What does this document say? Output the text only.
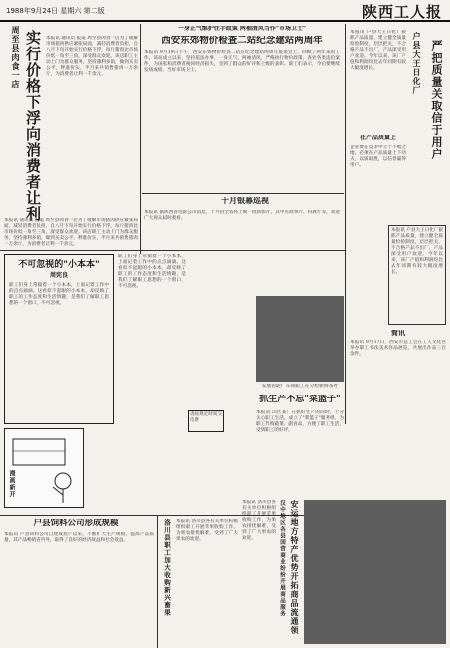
1988年9月24日 星期六 第二版	陕西工人报
周至县肉食一店 实行价格下浮向消费者让利 本报讯 通讯员 报道 周至县肉食一店为了缓解市场猪肉供应紧张局面，减轻消费者负担，自八月下旬开始实行价格下浮，每斤猪肉比市场价低一角至三角，深受群众欢迎。该店职工主动上门为群众服务，坚持薄利多销，做到买卖公平，秤准价实，半月来共销售猪肉一万余斤，为消费者让利一千余元。
本报讯 通讯员 报道 周至县肉食一店为了缓解市场猪肉供应紧张局面，减轻消费者负担，自八月下旬开始实行价格下浮，每斤猪肉比市场价低一角至三角，深受群众欢迎。该店职工主动上门为群众服务，坚持薄利多销，做到买卖公平，秤准价实，半月来共销售猪肉一万余斤，为消费者让利一千余元。
一身正气维护住手政策 两袖清风当作"市场卫士"
西安东郊物价检查二站纪念建站两周年
本报讯 9月19日下午，西安东郊物价检查二站在纪念建站两周年座谈会上，回顾了两年来的工作。该站成立以来，坚持依法办事，一身正气，两袖清风，严格执行物价政策，查处各类违价案件，为国家和消费者挽回经济损失，受到了群众的好评和上级的表彰。职工们表示，今后要继续发扬成绩，当好市场卫士。
十月银幕巡视
本报讯 据陕西省电影公司消息，十月份全省将上映一批新影片，其中有故事片、科教片等，欢迎广大观众届时观看。
户县大王日化厂 严把质量关取信于用户
本报讯 户县大王日化厂狠抓产品质量，建立健全质量检验制度，层层把关，不合格产品不出厂，产品深受用户欢迎。今年以来，该厂产值和利润均比去年同期有较大幅度增长。
在产品质量上
企业要在竞争中立于不败之地，必须在产品质量上下功夫，以质取胜，以信誉赢得用户。
本报讯 户县大王日化厂狠抓产品质量，建立健全质量检验制度，层层把关，不合格产品不出厂，产品深受用户欢迎。今年以来，该厂产值和利润均比去年同期有较大幅度增长。
不可忽视的"小本本"
周宪良
职工们身上常揣着一个小本本，上面记着工作中的点点滴滴。这看似不起眼的小本本，却反映了职工的工作态度和生活情趣，是我们了解职工思想的一个窗口，不可忽视。
职工们身上常揣着一个小本本，上面记着工作中的点点滴滴。这看似不起眼的小本本，却反映了职工的工作态度和生活情趣，是我们了解职工思想的一个窗口，不可忽视。
安康齿轮厂车间职工在分检新鲜茶叶
抓生产不忘"菜篮子"
本报讯 山区某厂在抓好生产的同时，十分关心职工生活，成立了"菜篮子"服务组，为职工代购蔬菜、副食品，方便了职工生活，受到职工的好评。
简讯
本报讯 9月17日，西安市总工会在工人文化宫举办职工书法美术作品展览，共展出作品三百余件。
漫画新开
请按规定时间交电费
户县饲料公司形成规模
本报讯 户县饲料公司自建成投产以来，不断扩大生产规模，提高产品质量，其产品畅销省内外，取得了良好的经济效益和社会效益。	洛川县职工加大收购新兴畜果 本报讯 洛川县各有关单位积极组织职工开展苹果收购工作，为果农排忧解难，受到了广大果农的欢迎。	汉中地区各县国营商业纷纷开展商品服务 安运地方特产优势开拓商品流通领
本报讯 洛川县各有关单位积极组织职工开展苹果收购工作，为果农排忧解难，受到了广大果农的欢迎。
